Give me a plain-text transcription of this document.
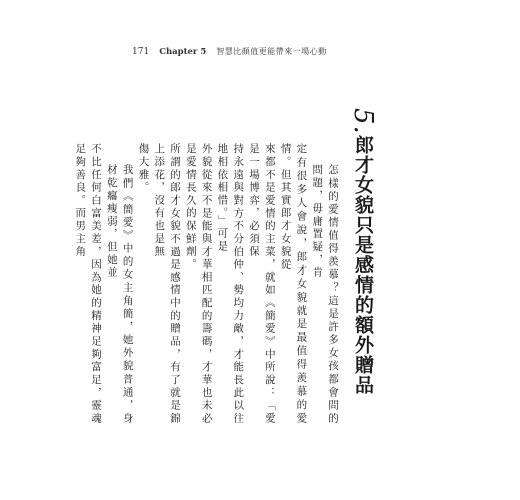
171 Chapter 5 智慧比顏值更能帶來一場心動
5.郎才女貌只是感情的額外贈品

怎樣的愛情值得羨慕？這是許多女孩都會問的問題，毋庸置疑，肯

定有很多人會說，郎才女貌就是最值得羨慕的愛情。但其實郎才女貌從

來都不是愛情的主菜，就如《簡愛》中所說：「愛是一場博弈，必須保

持永遠與對方不分伯仲、勢均力敵，才能長此以往地相依相惜。」可是

外貌從來不是能與才華相匹配的籌碼，才華也未必是愛情長久的保鮮劑。

所謂的郎才女貌不過是感情中的贈品，有了就是錦上添花，沒有也是無

傷大雅。

我們《簡愛》中的女主角簡，她外貌普通，身材乾癟瘦弱，但她並

不比任何白富美差，因為她的精神足夠富足，靈魂足夠善良。而男主角
